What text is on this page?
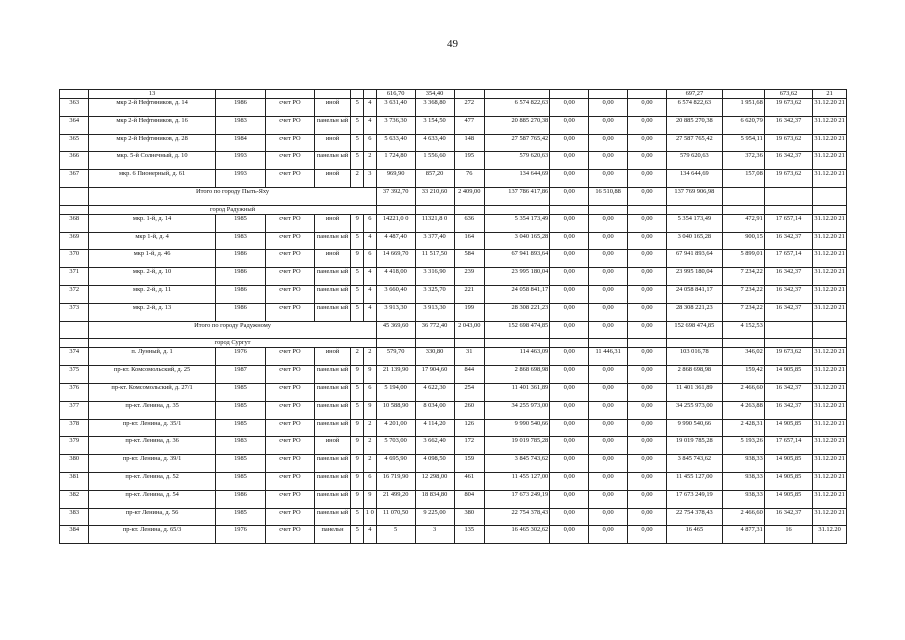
49
	13						616,70	354,40						697,27		673,62	21
363	мкр 2-й Нефтяников, д. 14	1986	счет РО	иной	5	4	3 631,40	3 368,80	272	6 574 822,63	0,00	0,00	0,00	6 574 822,63	1 951,68	19 673,62	31.12.20 21
364	мкр 2-й Нефтяников, д. 16	1983	счет РО	панельн ый	5	4	3 736,30	3 154,50	477	20 885 270,38	0,00	0,00	0,00	20 885 270,38	6 620,79	16 342,37	31.12.20 21
365	мкр 2-й Нефтяников, д. 28	1984	счет РО	иной	5	6	5 633,40	4 633,40	148	27 587 765,42	0,00	0,00	0,00	27 587 765,42	5 954,11	19 673,62	31.12.20 21
366	мкр. 5-й Солнечный, д. 10	1993	счет РО	панельн ый	5	2	1 724,80	1 556,60	195	579 620,63	0,00	0,00	0,00	579 620,63	372,36	16 342,37	31.12.20 21
367	мкр. 6 Пионерный, д. 61	1993	счет РО	иной	2	3	969,90	857,20	76	134 644,69	0,00	0,00	0,00	134 644,69	157,08	19 673,62	31.12.20 21
	Итого по городу Пыть-Яху						37 392,70	33 210,60	2 409,00	137 786 417,86	0,00	16 510,88	0,00	137 769 906,98			
	город Радужный																
368	мкр. 1-й, д. 14	1985	счет РО	иной	9	6	14221,0 0	11321,8 0	636	5 354 173,49	0,00	0,00	0,00	5 354 173,49	472,91	17 657,14	31.12.20 21
369	мкр 1-й, д. 4	1983	счет РО	панельн ый	5	4	4 487,40	3 377,40	164	3 040 165,28	0,00	0,00	0,00	3 040 165,28	900,15	16 342,37	31.12.20 21
370	мкр 1-й, д. 46	1986	счет РО	иной	9	6	14 669,70	11 517,50	584	67 941 893,64	0,00	0,00	0,00	67 941 893,64	5 899,01	17 657,14	31.12.20 21
371	мкр. 2-й, д. 10	1986	счет РО	панельн ый	5	4	4 418,00	3 316,90	239	23 995 180,04	0,00	0,00	0,00	23 995 180,04	7 234,22	16 342,37	31.12.20 21
372	мкр. 2-й, д. 11	1986	счет РО	панельн ый	5	4	3 660,40	3 325,70	221	24 058 841,17	0,00	0,00	0,00	24 058 841,17	7 234,22	16 342,37	31.12.20 21
373	мкр. 2-й, д. 13	1986	счет РО	панельн ый	5	4	3 913,30	3 913,30	199	28 308 221,23	0,00	0,00	0,00	28 308 221,23	7 234,22	16 342,37	31.12.20 21
	Итого по городу Радужному						45 369,60	36 772,40	2 043,00	152 698 474,85	0,00	0,00	0,00	152 698 474,85	4 152,53		
	город Сургут																
374	п. Лунный, д. 1	1976	счет РО	иной	2	2	579,70	330,80	31	114 463,09	0,00	11 446,31	0,00	103 016,78	346,02	19 673,62	31.12.20 21
375	пр-кт. Комсомольский, д. 25	1987	счет РО	панельн ый	9	9	21 139,90	17 904,60	844	2 868 698,98	0,00	0,00	0,00	2 868 698,98	159,42	14 905,85	31.12.20 21
376	пр-кт. Комсомольский, д. 27/1	1985	счет РО	панельн ый	5	6	5 194,00	4 622,30	254	11 401 361,89	0,00	0,00	0,00	11 401 361,89	2 466,60	16 342,37	31.12.20 21
377	пр-кт. Ленина, д. 35	1985	счет РО	панельн ый	5	9	10 588,90	8 034,00	260	34 255 973,00	0,00	0,00	0,00	34 255 973,00	4 263,88	16 342,37	31.12.20 21
378	пр-кт. Ленина, д. 35/1	1985	счет РО	панельн ый	9	2	4 201,00	4 114,20	126	9 990 540,66	0,00	0,00	0,00	9 990 540,66	2 428,31	14 905,85	31.12.20 21
379	пр-кт. Ленина, д. 36	1983	счет РО	иной	9	2	5 703,00	3 662,40	172	19 019 785,28	0,00	0,00	0,00	19 019 785,28	5 193,26	17 657,14	31.12.20 21
380	пр-кт. Ленина, д. 39/1	1985	счет РО	панельн ый	9	2	4 695,90	4 098,50	159	3 845 743,62	0,00	0,00	0,00	3 845 743,62	938,33	14 905,85	31.12.20 21
381	пр-кт. Ленина, д. 52	1985	счет РО	панельн ый	9	6	16 719,90	12 298,00	461	11 455 127,00	0,00	0,00	0,00	11 455 127,00	938,33	14 905,85	31.12.20 21
382	пр-кт. Ленина, д. 54	1986	счет РО	панельн ый	9	9	21 499,20	18 834,80	804	17 673 249,19	0,00	0,00	0,00	17 673 249,19	938,33	14 905,85	31.12.20 21
383	пр-кт Ленина, д. 56	1985	счет РО	панельн ый	5	1 0	11 070,50	9 225,00	380	22 754 378,43	0,00	0,00	0,00	22 754 378,43	2 466,60	16 342,37	31.12.20 21
384	пр-кт. Ленина, д. 65/3	1976	счет РО	панельн	5	4	5	3	135	16 465 302,62	0,00	0,00	0,00	16 465	4 877,31	16	31.12.20
